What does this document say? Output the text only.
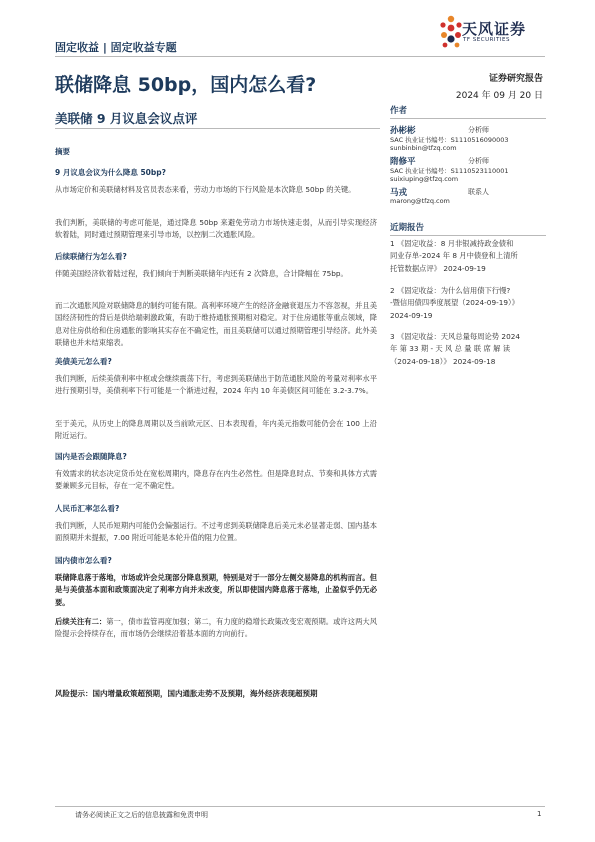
固定收益 | 固定收益专题
天风证券
TF SECURITIES
联储降息 50bp，国内怎么看?
美联储 9 月议息会议点评
证券研究报告
2024 年 09 月 20 日
作者
孙彬彬	分析师
SAC 执业证书编号：S1110516090003
sunbinbin@tfzq.com
隋修平	分析师
SAC 执业证书编号：S1110523110001
suixiuping@tfzq.com
马戎	联系人
marong@tfzq.com
近期报告
1 《固定收益：8 月非银减持政金债和
同业存单-2024 年 8 月中债登和上清所
托管数据点评》 2024-09-19
2 《固定收益：为什么信用债下行慢?
-暨信用债四季度展望（2024-09-19）》
2024-09-19
3 《固定收益：天风总量每周论势 2024
年 第 33 期 - 天 风 总 量 联 席 解 读
（2024-09-18）》 2024-09-18
摘要
9 月议息会议为什么降息 50bp?
从市场定价和美联储材料及官员表态来看，劳动力市场的下行风险是本次降息 50bp 的关键。
我们判断，美联储的考虑可能是，通过降息 50bp 来避免劳动力市场快速走弱，从而引导实现经济软着陆，同时通过预期管理来引导市场，以控制二次通胀风险。
后续联储行为怎么看?
伴随美国经济软着陆过程，我们倾向于判断美联储年内还有 2 次降息，合计降幅在 75bp。
而二次通胀风险对联储降息的制约可能有限。高利率环境产生的经济金融衰退压力不容忽视，并且美国经济韧性的背后是供给端刺激政策，有助于维持通胀预期相对稳定。对于住房通胀等重点领域，降息对住房供给和住房通胀的影响其实存在不确定性，而且美联储可以通过预期管理引导经济。此外美联储也并未结束缩表。
美债美元怎么看?
我们判断，后续美债利率中枢或会继续震荡下行，考虑到美联储出于防范通胀风险的考量对利率水平进行预期引导，美债利率下行可能是一个渐进过程，2024 年内 10 年美债区间可能在 3.2-3.7%。
至于美元，从历史上的降息周期以及当前欧元区、日本表现看，年内美元指数可能仍会在 100 上沿附近运行。
国内是否会跟随降息?
有效需求的状态决定货币处在宽松周期内，降息存在内生必然性。但是降息时点、节奏和具体方式需要兼顾多元目标，存在一定不确定性。
人民币汇率怎么看?
我们判断，人民币短期内可能仍会偏强运行。不过考虑到美联储降息后美元未必显著走弱、国内基本面预期并未提振，7.00 附近可能是本轮升值的阻力位置。
国内债市怎么看?
联储降息落于落地，市场或许会兑现部分降息预期，特别是对于一部分左侧交易降息的机构而言。但是与美债基本面和政策面决定了利率方向并未改变，所以即使国内降息落于落地，止盈似乎仍无必要。
后续关注有二：第一，债市监管再度加强；第二，有力度的稳增长政策改变宏观预期。或许这两大风险提示会持续存在，而市场仍会继续沿着基本面的方向前行。
风险提示：国内增量政策超预期，国内通胀走势不及预期，海外经济表现超预期
请务必阅读正文之后的信息披露和免责申明	1
